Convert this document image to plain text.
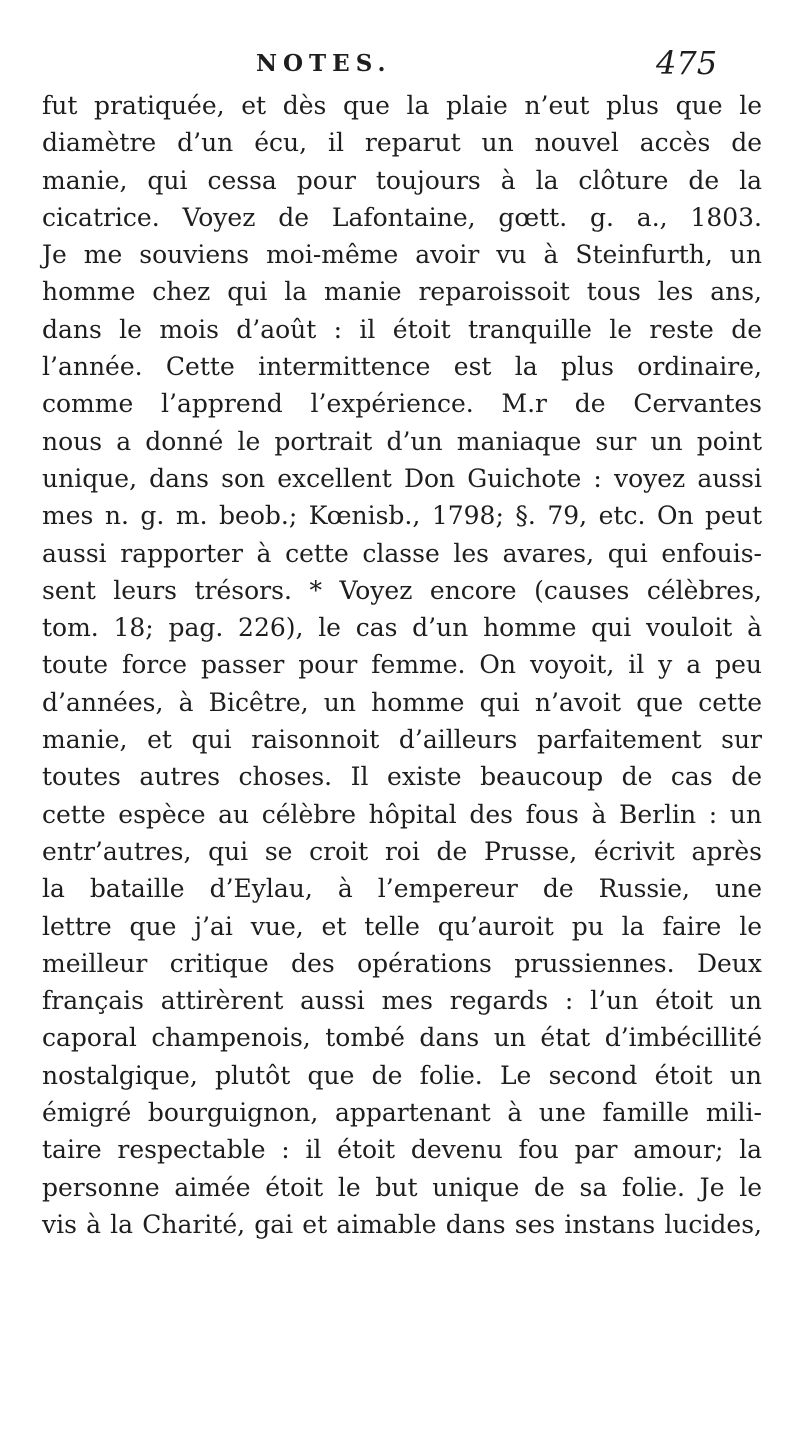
NOTES.	475
fut pratiquée, et dès que la plaie n’eut plus que le
diamètre d’un écu, il reparut un nouvel accès de
manie, qui cessa pour toujours à la clôture de la
cicatrice. Voyez de Lafontaine, gœtt. g. a., 1803.
Je me souviens moi-même avoir vu à Steinfurth, un
homme chez qui la manie reparoissoit tous les ans,
dans le mois d’août : il étoit tranquille le reste de
l’année. Cette intermittence est la plus ordinaire,
comme l’apprend l’expérience. M.r de Cervantes
nous a donné le portrait d’un maniaque sur un point
unique, dans son excellent Don Guichote : voyez aussi
mes n. g. m. beob.; Kœnisb., 1798; §. 79, etc. On peut
aussi rapporter à cette classe les avares, qui enfouis-
sent leurs trésors. * Voyez encore (causes célèbres,
tom. 18; pag. 226), le cas d’un homme qui vouloit à
toute force passer pour femme. On voyoit, il y a peu
d’années, à Bicêtre, un homme qui n’avoit que cette
manie, et qui raisonnoit d’ailleurs parfaitement sur
toutes autres choses. Il existe beaucoup de cas de
cette espèce au célèbre hôpital des fous à Berlin : un
entr’autres, qui se croit roi de Prusse, écrivit après
la bataille d’Eylau, à l’empereur de Russie, une
lettre que j’ai vue, et telle qu’auroit pu la faire le
meilleur critique des opérations prussiennes. Deux
français attirèrent aussi mes regards : l’un étoit un
caporal champenois, tombé dans un état d’imbécillité
nostalgique, plutôt que de folie. Le second étoit un
émigré bourguignon, appartenant à une famille mili-
taire respectable : il étoit devenu fou par amour; la
personne aimée étoit le but unique de sa folie. Je le
vis à la Charité, gai et aimable dans ses instans lucides,
